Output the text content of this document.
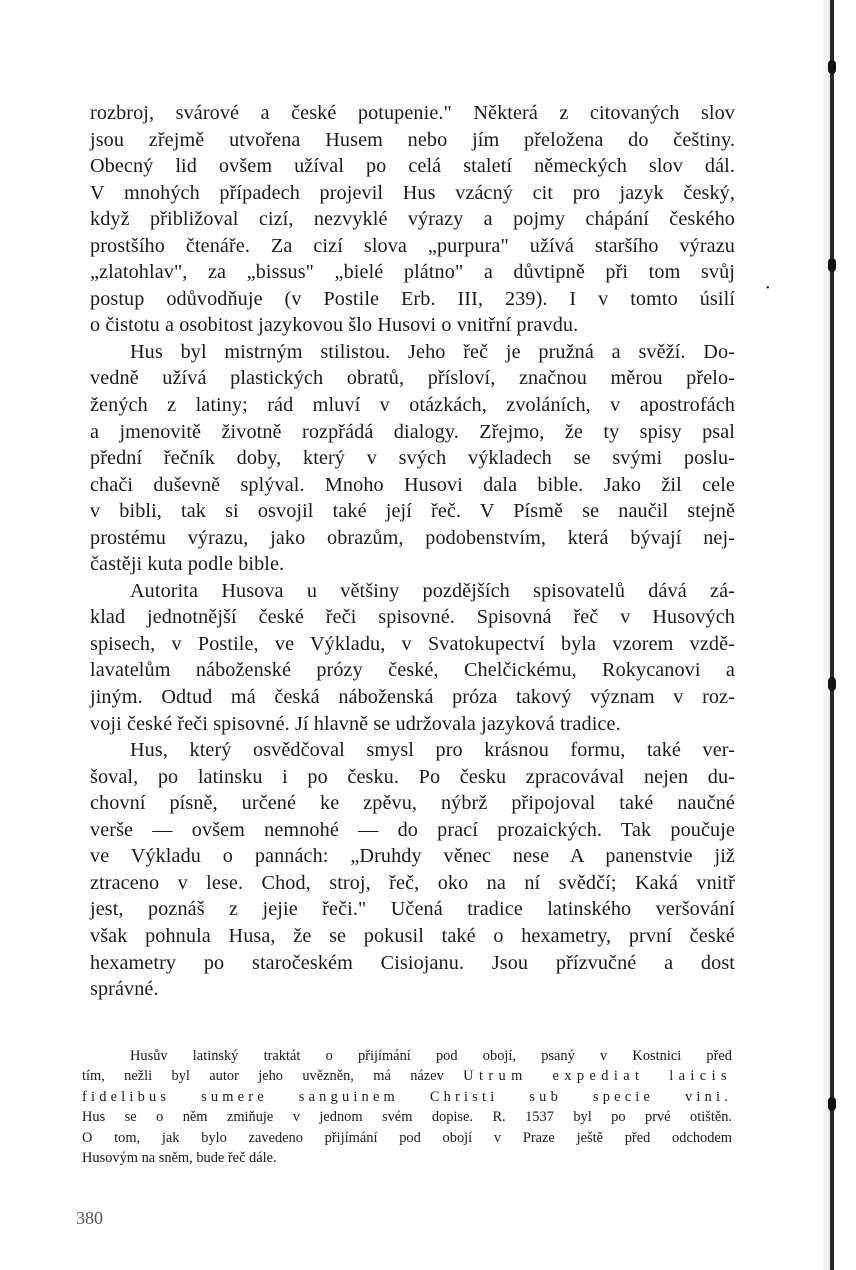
•
rozbroj, svárové a české potupenie." Některá z citovaných slov
jsou zřejmě utvořena Husem nebo jím přeložena do češtiny.
Obecný lid ovšem užíval po celá staletí německých slov dál.
V mnohých případech projevil Hus vzácný cit pro jazyk český,
když přibližoval cizí, nezvyklé výrazy a pojmy chápání českého
prostšího čtenáře. Za cizí slova „purpura" užívá staršího výrazu
„zlatohlav", za „bissus" „bielé plátno" a důvtipně při tom svůj
postup odůvodňuje (v Postile Erb. III, 239). I v tomto úsilí
o čistotu a osobitost jazykovou šlo Husovi o vnitřní pravdu.
Hus byl mistrným stilistou. Jeho řeč je pružná a svěží. Do-
vedně užívá plastických obratů, přísloví, značnou měrou přelo-
žených z latiny; rád mluví v otázkách, zvoláních, v apostrofách
a jmenovitě životně rozpřádá dialogy. Zřejmo, že ty spisy psal
přední řečník doby, který v svých výkladech se svými poslu-
chači duševně splýval. Mnoho Husovi dala bible. Jako žil cele
v bibli, tak si osvojil také její řeč. V Písmě se naučil stejně
prostému výrazu, jako obrazům, podobenstvím, která bývají nej-
častěji kuta podle bible.
Autorita Husova u většiny pozdějších spisovatelů dává zá-
klad jednotnější české řeči spisovné. Spisovná řeč v Husových
spisech, v Postile, ve Výkladu, v Svatokupectví byla vzorem vzdě-
lavatelům náboženské prózy české, Chelčickému, Rokycanovi a
jiným. Odtud má česká náboženská próza takový význam v roz-
voji české řeči spisovné. Jí hlavně se udržovala jazyková tradice.
Hus, který osvědčoval smysl pro krásnou formu, také ver-
šoval, po latinsku i po česku. Po česku zpracovával nejen du-
chovní písně, určené ke zpěvu, nýbrž připojoval také naučné
verše — ovšem nemnohé — do prací prozaických. Tak poučuje
ve Výkladu o pannách: „Druhdy věnec nese A panenstvie již
ztraceno v lese. Chod, stroj, řeč, oko na ní svědčí; Kaká vnitř
jest, poznáš z jejie řeči." Učená tradice latinského veršování
však pohnula Husa, že se pokusil také o hexametry, první české
hexametry po staročeském Cisiojanu. Jsou přízvučné a dost
správné.
Husův latinský traktát o přijímání pod obojí, psaný v Kostnici před
tím, nežli byl autor jeho uvězněn, má název Utrum expediat laicis
fidelibus sumere sanguinem Christi sub specie vini.
Hus se o něm zmiňuje v jednom svém dopise. R. 1537 byl po prvé otištěn.
O tom, jak bylo zavedeno přijímání pod obojí v Praze ještě před odchodem
Husovým na sněm, bude řeč dále.
380
